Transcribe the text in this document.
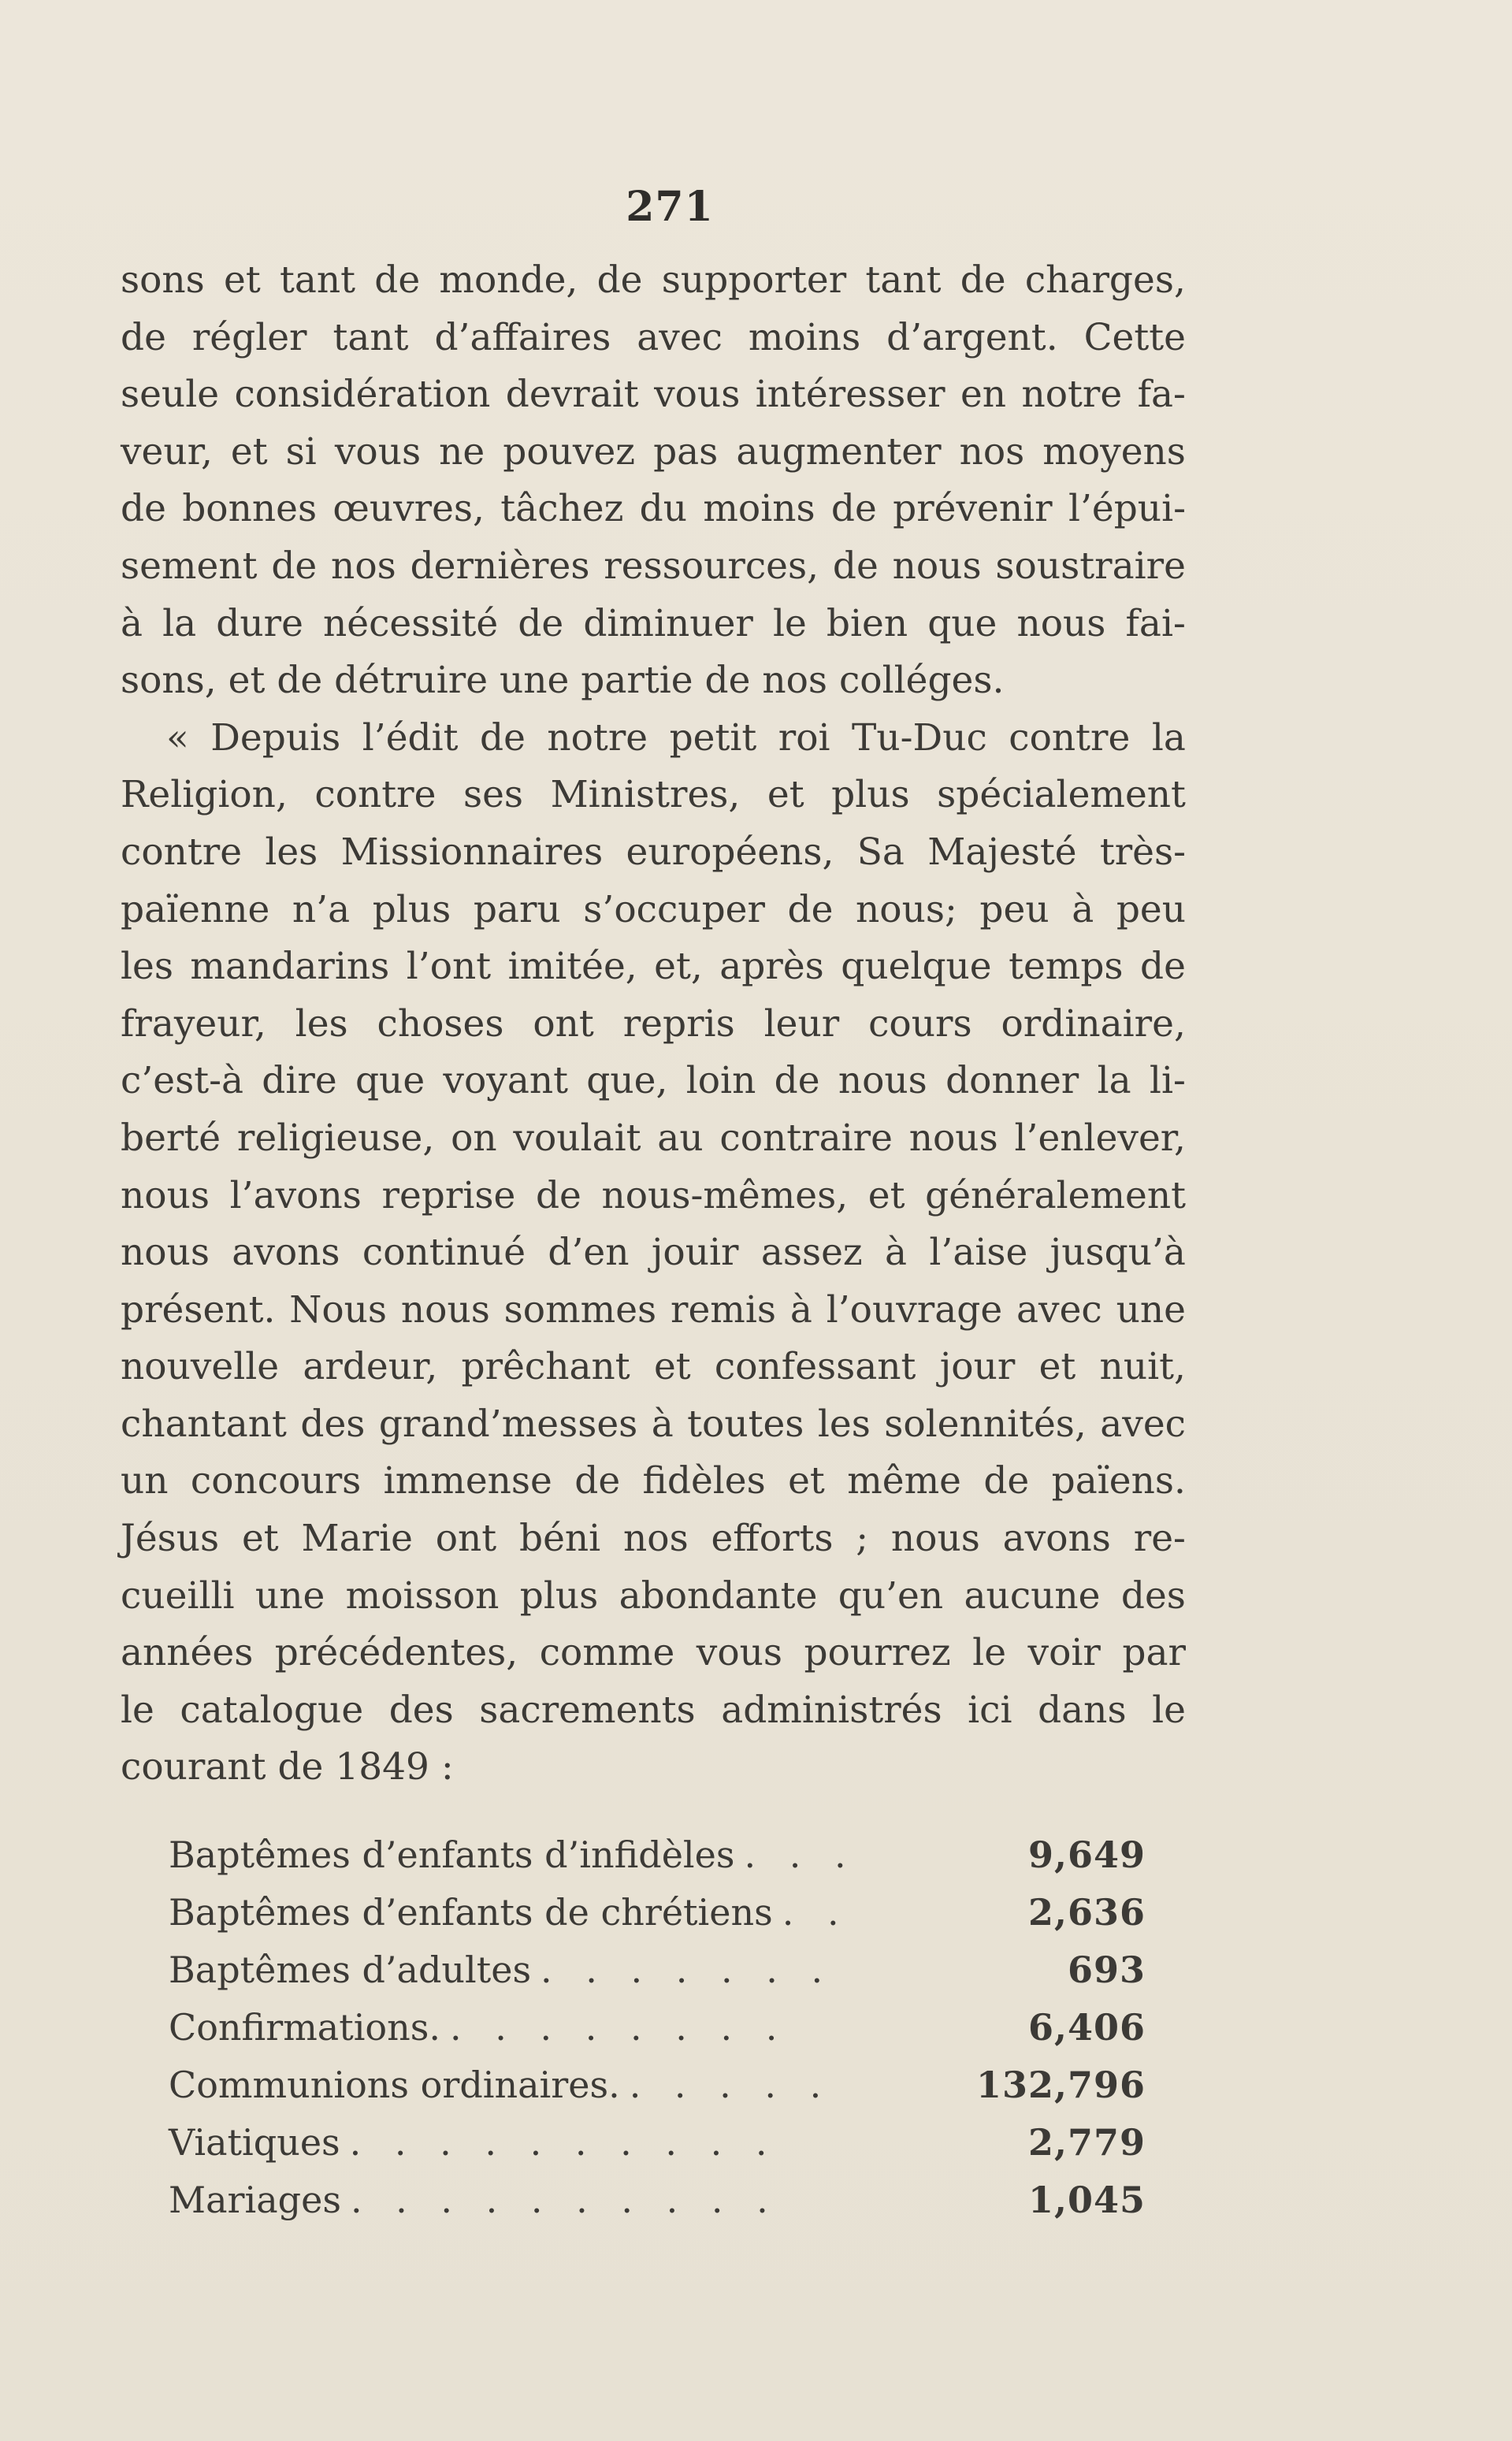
271
sons et tant de monde, de supporter tant de charges,
de régler tant d’affaires avec moins d’argent. Cette
seule considération devrait vous intéresser en notre fa-
veur, et si vous ne pouvez pas augmenter nos moyens
de bonnes œuvres, tâchez du moins de prévenir l’épui-
sement de nos dernières ressources, de nous soustraire
à la dure nécessité de diminuer le bien que nous fai-
sons, et de détruire une partie de nos colléges.
« Depuis l’édit de notre petit roi Tu-Duc contre la
Religion, contre ses Ministres, et plus spécialement
contre les Missionnaires européens, Sa Majesté très-
païenne n’a plus paru s’occuper de nous; peu à peu
les mandarins l’ont imitée, et, après quelque temps de
frayeur, les choses ont repris leur cours ordinaire,
c’est-à dire que voyant que, loin de nous donner la li-
berté religieuse, on voulait au contraire nous l’enlever,
nous l’avons reprise de nous-mêmes, et généralement
nous avons continué d’en jouir assez à l’aise jusqu’à
présent. Nous nous sommes remis à l’ouvrage avec une
nouvelle ardeur, prêchant et confessant jour et nuit,
chantant des grand’messes à toutes les solennités, avec
un concours immense de fidèles et même de païens.
Jésus et Marie ont béni nos efforts ; nous avons re-
cueilli une moisson plus abondante qu’en aucune des
années précédentes, comme vous pourrez le voir par
le catalogue des sacrements administrés ici dans le
courant de 1849 :
Baptêmes d’enfants d’infidèles . . .	9,649
Baptêmes d’enfants de chrétiens . .	2,636
Baptêmes d’adultes . . . . . . .	693
Confirmations. . . . . . . . .	6,406
Communions ordinaires. . . . . .	132,796
Viatiques . . . . . . . . . .	2,779
Mariages . . . . . . . . . .	1,045
